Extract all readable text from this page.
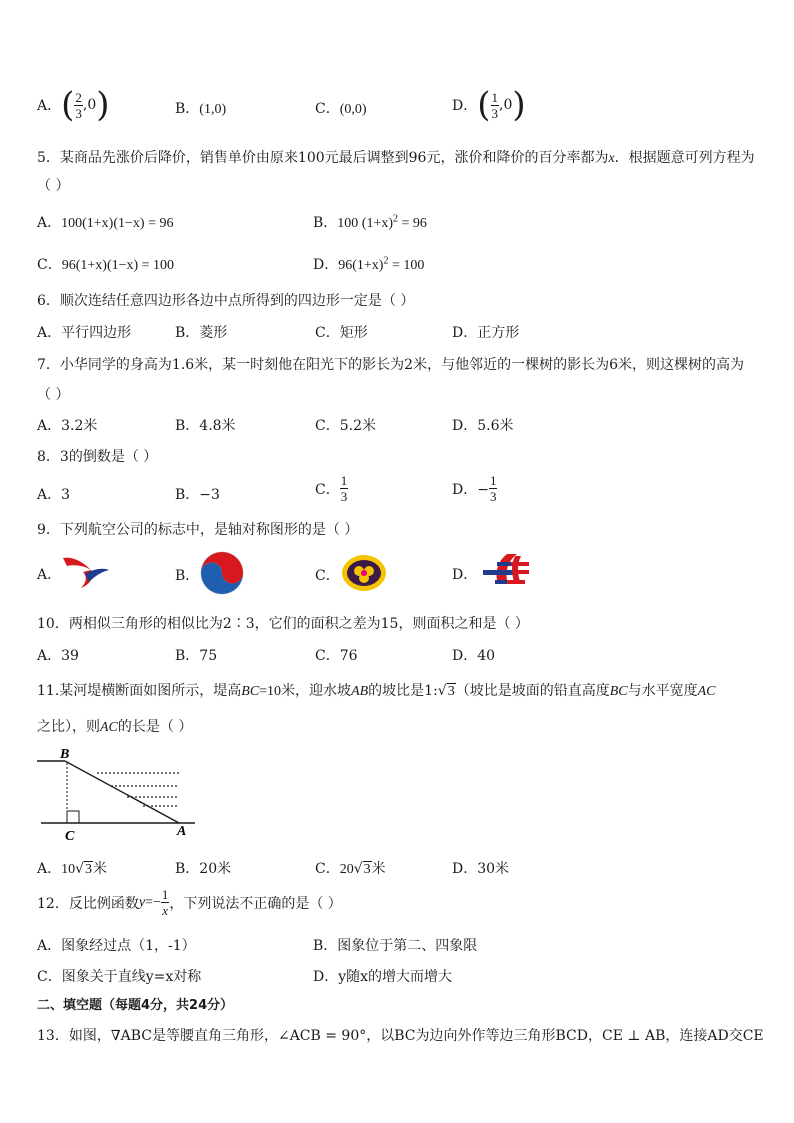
A． ( $\frac{2}{3}$ , 0 )	B．(1,0)	C．(0,0)	D． ( $\frac{1}{3}$ , 0 )
5．某商品先涨价后降价，销售单价由原来100元最后调整到96元，涨价和降价的百分率都为x．根据题意可列方程为
（ ）
A．100(1+x)(1−x) = 96	B．100 $(1+x)^2 = 96$
C．96(1+x)(1−x) = 100	D．$96(1+x)^2 = 100$
6．顺次连结任意四边形各边中点所得到的四边形一定是（ ）
A．平行四边形	B．菱形	C．矩形	D．正方形
7．小华同学的身高为1.6米，某一时刻他在阳光下的影长为2米，与他邻近的一棵树的影长为6米，则这棵树的高为
（ ）
A．3.2米	B．4.8米	C．5.2米	D．5.6米
8．3的倒数是（ ）
A．3	B．−3	C． $\frac{1}{3}$	D．− $\frac{1}{3}$
9．下列航空公司的标志中，是轴对称图形的是（ ）
A．	B．	C．	D．
10．两相似三角形的相似比为2∶3，它们的面积之差为15，则面积之和是（ ）
A．39	B．75	C．76	D．40
11.某河堤横断面如图所示，堤高BC=10米，迎水坡AB的坡比是1:√3（坡比是坡面的铅直高度BC与水平宽度AC
之比），则AC的长是（ ）
B
C	A
A．10√3米	B．20米	C．20√3米	D．30米
12．反比例函数 $y =- \frac{1}{x}$ ，下列说法不正确的是（ ）
A．图象经过点（1，-1）	B．图象位于第二、四象限
C．图象关于直线y=x对称	D．y随x的增大而增大
二、填空题（每题4分，共24分）
13．如图，∇ABC是等腰直角三角形，∠ACB = 90°，以BC为边向外作等边三角形BCD，CE ⊥ AB，连接AD交CE
